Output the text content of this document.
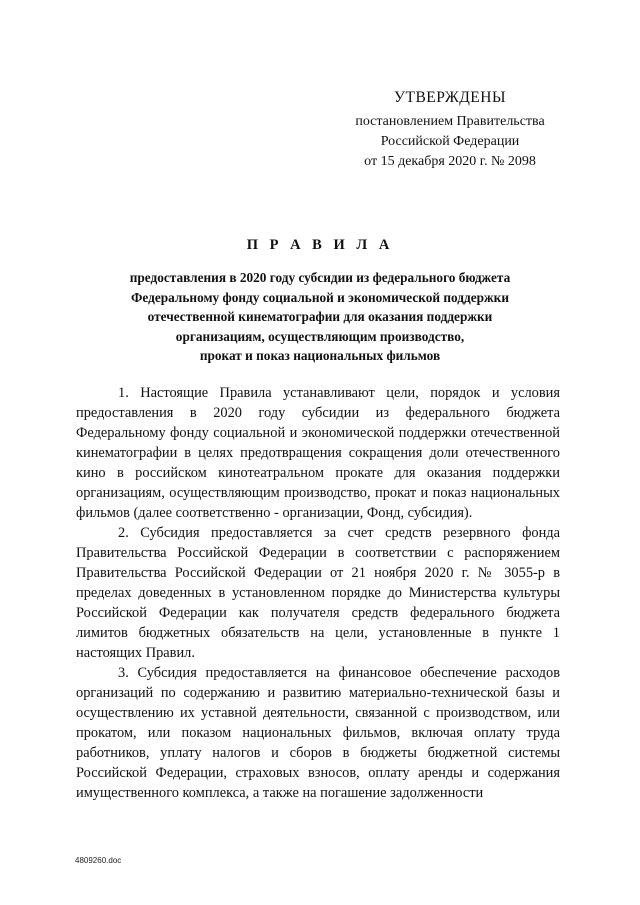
УТВЕРЖДЕНЫ
постановлением Правительства
Российской Федерации
от 15 декабря 2020 г. № 2098
П Р А В И Л А
предоставления в 2020 году субсидии из федерального бюджета
Федеральному фонду социальной и экономической поддержки
отечественной кинематографии для оказания поддержки
организациям, осуществляющим производство,
прокат и показ национальных фильмов

1. Настоящие Правила устанавливают цели, порядок и условия предоставления в 2020 году субсидии из федерального бюджета Федеральному фонду социальной и экономической поддержки отечественной кинематографии в целях предотвращения сокращения доли отечественного кино в российском кинотеатральном прокате для оказания поддержки организациям, осуществляющим производство, прокат и показ национальных фильмов (далее соответственно - организации, Фонд, субсидия).

2. Субсидия предоставляется за счет средств резервного фонда Правительства Российской Федерации в соответствии с распоряжением Правительства Российской Федерации от 21 ноября 2020 г. № 3055-р в пределах доведенных в установленном порядке до Министерства культуры Российской Федерации как получателя средств федерального бюджета лимитов бюджетных обязательств на цели, установленные в пункте 1 настоящих Правил.

3. Субсидия предоставляется на финансовое обеспечение расходов организаций по содержанию и развитию материально-технической базы и осуществлению их уставной деятельности, связанной с производством, или прокатом, или показом национальных фильмов, включая оплату труда работников, уплату налогов и сборов в бюджеты бюджетной системы Российской Федерации, страховых взносов, оплату аренды и содержания имущественного комплекса, а также на погашение задолженности

4809260.doc
